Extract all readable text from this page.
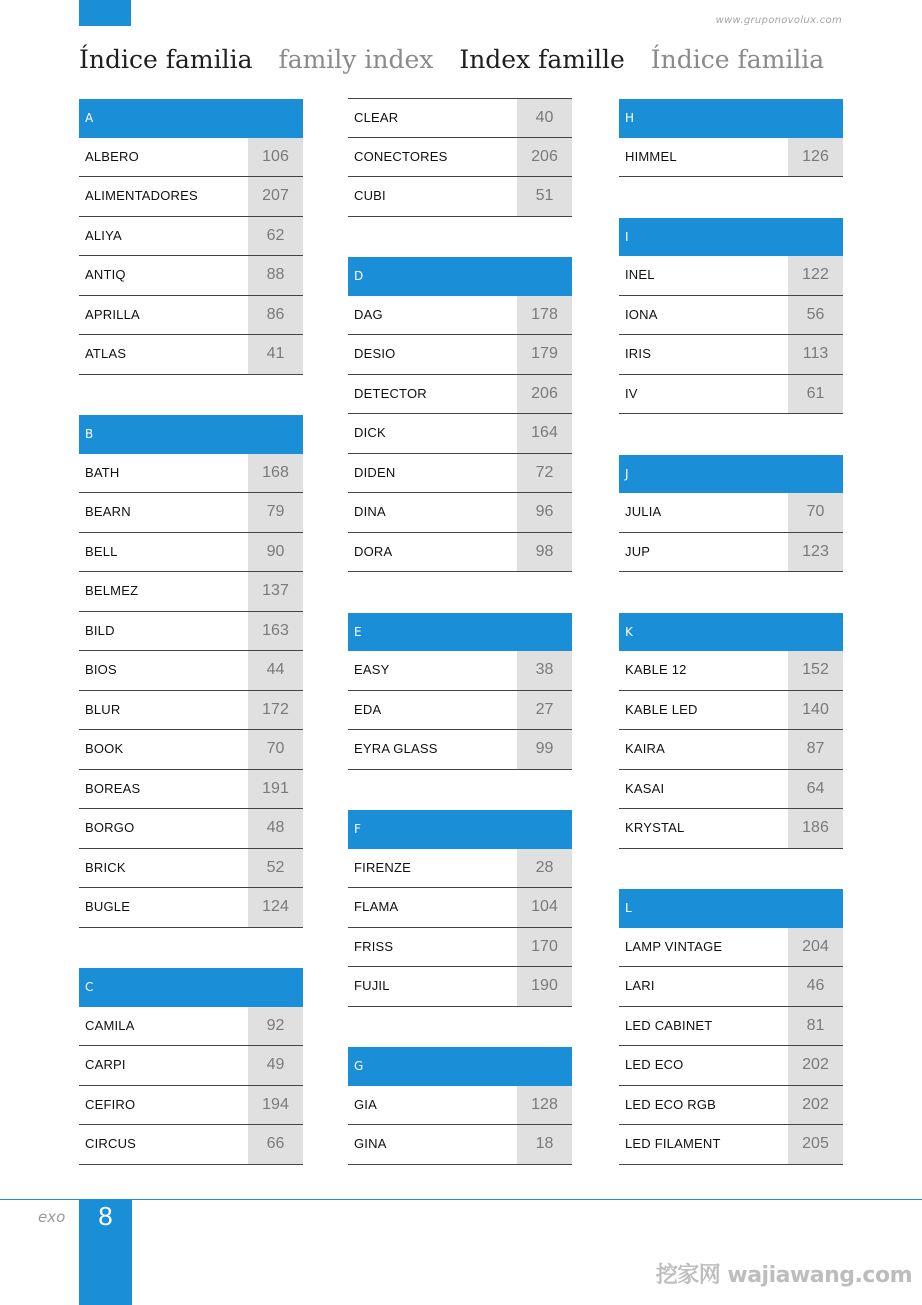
www.gruponovolux.com
Índice familia family index Index famille Índice familia
A
ALBERO	106
ALIMENTADORES	207
ALIYA	62
ANTIQ	88
APRILLA	86
ATLAS	41
B
BATH	168
BEARN	79
BELL	90
BELMEZ	137
BILD	163
BIOS	44
BLUR	172
BOOK	70
BOREAS	191
BORGO	48
BRICK	52
BUGLE	124
C
CAMILA	92
CARPI	49
CEFIRO	194
CIRCUS	66
CLEAR	40
CONECTORES	206
CUBI	51
D
DAG	178
DESIO	179
DETECTOR	206
DICK	164
DIDEN	72
DINA	96
DORA	98
E
EASY	38
EDA	27
EYRA GLASS	99
F
FIRENZE	28
FLAMA	104
FRISS	170
FUJIL	190
G
GIA	128
GINA	18
H
HIMMEL	126
I
INEL	122
IONA	56
IRIS	113
IV	61
J
JULIA	70
JUP	123
K
KABLE 12	152
KABLE LED	140
KAIRA	87
KASAI	64
KRYSTAL	186
L
LAMP VINTAGE	204
LARI	46
LED CABINET	81
LED ECO	202
LED ECO RGB	202
LED FILAMENT	205
8
exo
挖家网 wajiawang.com
